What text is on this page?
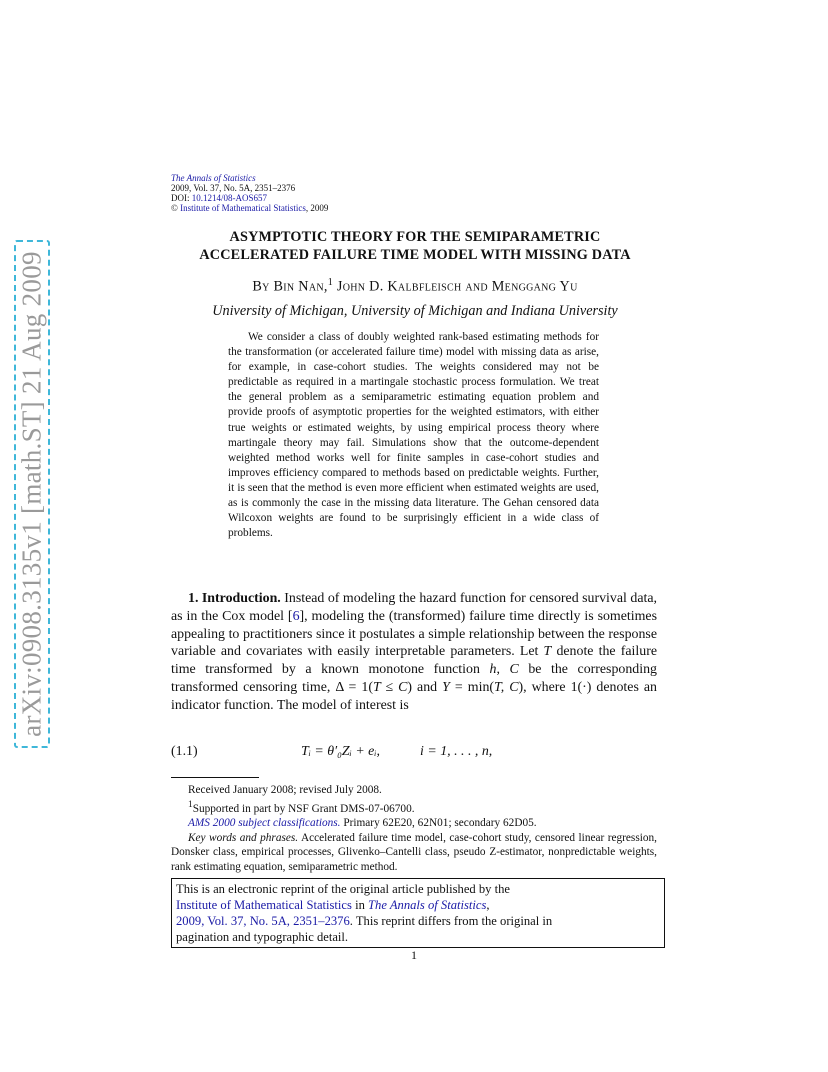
arXiv:0908.3135v1 [math.ST] 21 Aug 2009
The Annals of Statistics
2009, Vol. 37, No. 5A, 2351–2376
DOI: 10.1214/08-AOS657
© Institute of Mathematical Statistics, 2009
ASYMPTOTIC THEORY FOR THE SEMIPARAMETRIC
ACCELERATED FAILURE TIME MODEL WITH MISSING DATA
By Bin Nan,$^1$ John D. Kalbfleisch and Menggang Yu
University of Michigan, University of Michigan and Indiana University

We consider a class of doubly weighted rank-based estimating methods for the transformation (or accelerated failure time) model with missing data as arise, for example, in case-cohort studies. The weights considered may not be predictable as required in a martingale stochastic process formulation. We treat the general problem as a semiparametric estimating equation problem and provide proofs of asymptotic properties for the weighted estimators, with either true weights or estimated weights, by using empirical process theory where martingale theory may fail. Simulations show that the outcome-dependent weighted method works well for finite samples in case-cohort studies and improves efficiency compared to methods based on predictable weights. Further, it is seen that the method is even more efficient when estimated weights are used, as is commonly the case in the missing data literature. The Gehan censored data Wilcoxon weights are found to be surprisingly efficient in a wide class of problems.

1. Introduction. Instead of modeling the hazard function for censored survival data, as in the Cox model [6], modeling the (transformed) failure time directly is sometimes appealing to practitioners since it postulates a simple relationship between the response variable and covariates with easily interpretable parameters. Let T denote the failure time transformed by a known monotone function h, C be the corresponding transformed censoring time, Δ = 1(T ≤ C) and Y = min(T, C), where 1(·) denotes an indicator function. The model of interest is

(1.1)	Tᵢ = θ′₀Zᵢ + eᵢ,	i = 1, . . . , n,

Received January 2008; revised July 2008.

$^1$Supported in part by NSF Grant DMS-07-06700.

AMS 2000 subject classifications. Primary 62E20, 62N01; secondary 62D05.

Key words and phrases. Accelerated failure time model, case-cohort study, censored linear regression, Donsker class, empirical processes, Glivenko–Cantelli class, pseudo Z-estimator, nonpredictable weights, rank estimating equation, semiparametric method.

This is an electronic reprint of the original article published by the
Institute of Mathematical Statistics in The Annals of Statistics,
2009, Vol. 37, No. 5A, 2351–2376. This reprint differs from the original in
pagination and typographic detail.
1
